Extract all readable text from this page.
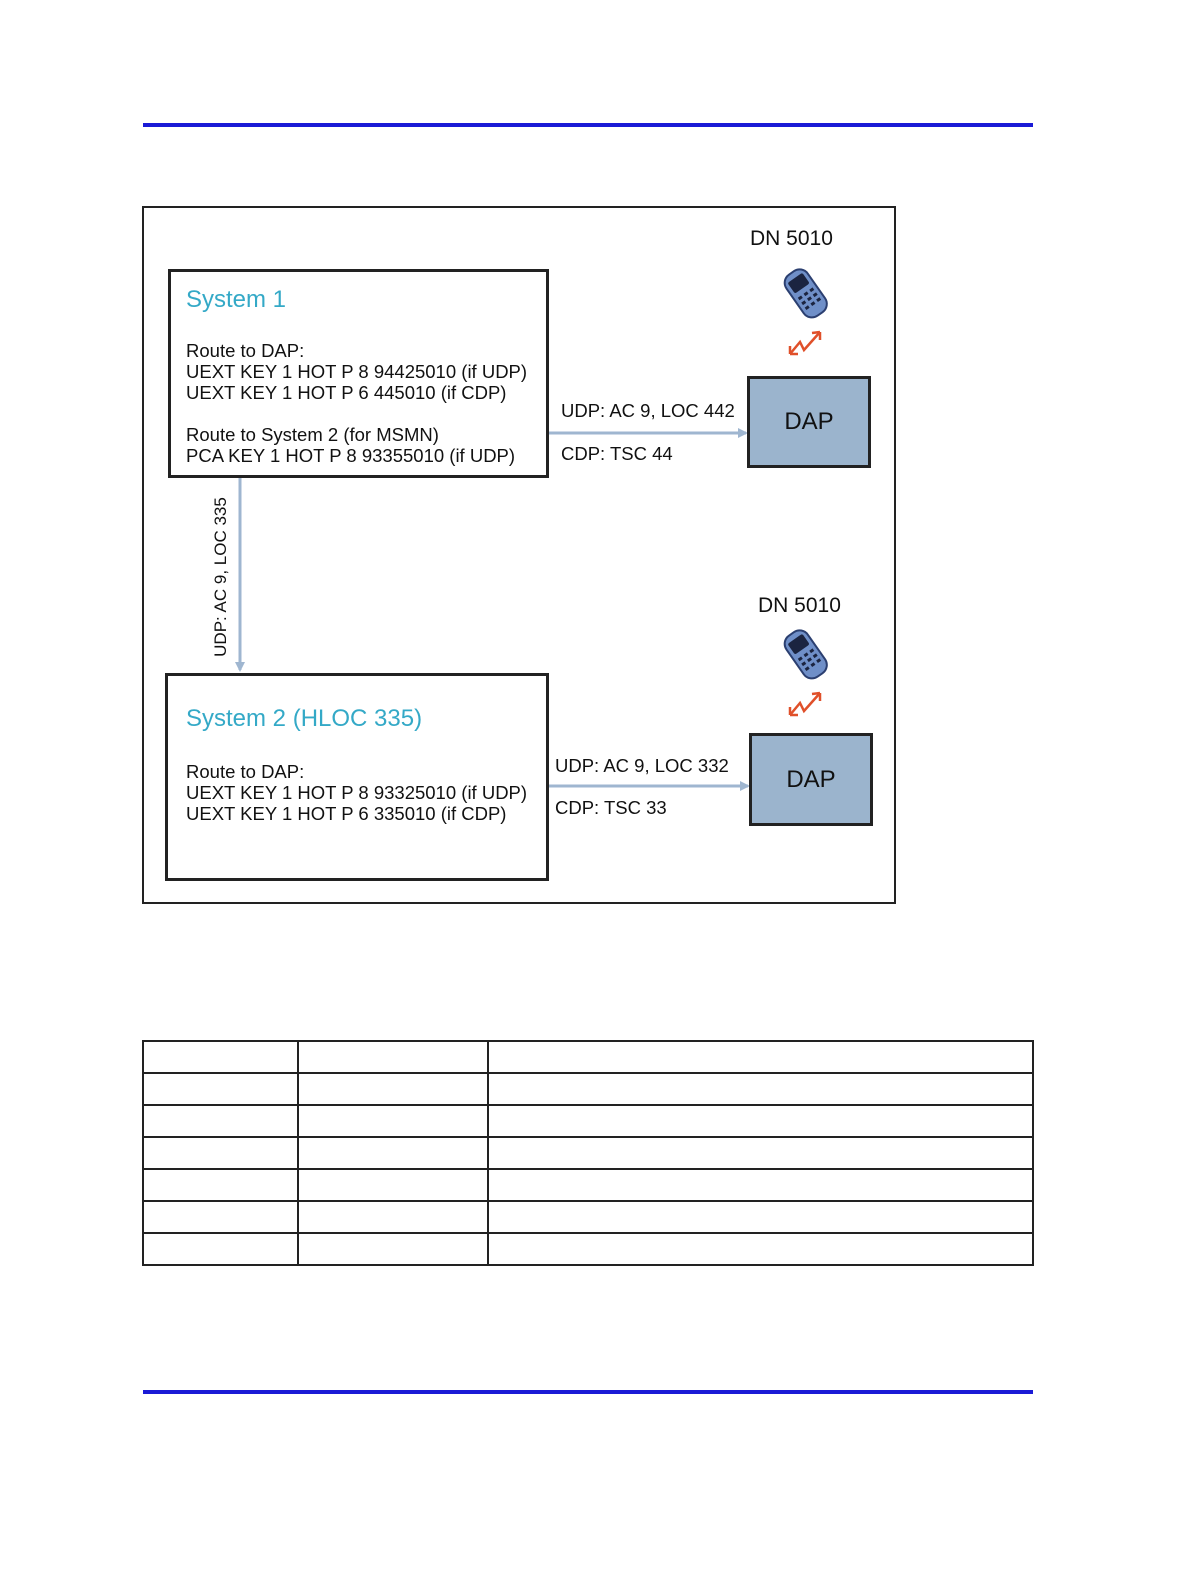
System 1
Route to DAP:
UEXT KEY 1 HOT P 8 94425010 (if UDP)
UEXT KEY 1 HOT P 6 445010 (if CDP)
Route to System 2 (for MSMN)
PCA KEY 1 HOT P 8 93355010 (if UDP)
System 2 (HLOC 335)
Route to DAP:
UEXT KEY 1 HOT P 8 93325010 (if UDP)
UEXT KEY 1 HOT P 6 335010 (if CDP)
UDP: AC 9, LOC 442
CDP: TSC 44
UDP: AC 9, LOC 332
CDP: TSC 33
UDP: AC 9, LOC 335
DN 5010
DN 5010
DAP
DAP
